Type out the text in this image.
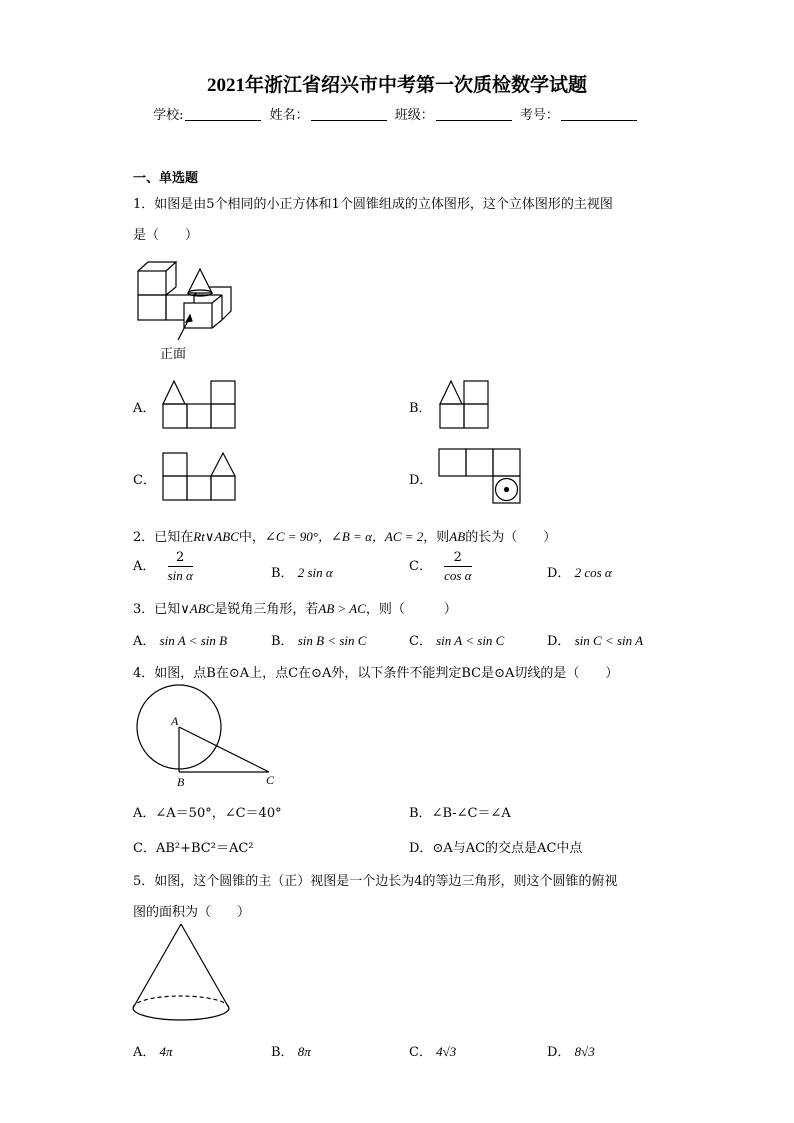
2021年浙江省绍兴市中考第一次质检数学试题
学校:	姓名：	班级：	考号：
一、单选题
1．如图是由5个相同的小正方体和1个圆锥组成的立体图形，这个立体图形的主视图
是（　　）
正面
A．	B．
C．	D．
2．已知在Rt∨ABC中，∠C = 90°，∠B = α，AC = 2，则AB的长为（　　）
A． $\frac{2}{\text{sin α}}$	B． 2 sin α	C． $\frac{2}{\text{cos α}}$	D． 2 cos α
3．已知∨ABC是锐角三角形，若AB > AC，则（　　　）
A． sin A < sin B	B． sin B < sin C	C． sin A < sin C	D． sin C < sin A
4．如图，点B在⊙A上，点C在⊙A外，以下条件不能判定BC是⊙A切线的是（　　）
A
B	C
A．∠A＝50°，∠C＝40°	B．∠B-∠C＝∠A
C．AB²+BC²＝AC²	D．⊙A与AC的交点是AC中点
5．如图，这个圆锥的主（正）视图是一个边长为4的等边三角形，则这个圆锥的俯视
图的面积为（　　）
A． 4π	B． 8π	C． 4√3	D． 8√3
